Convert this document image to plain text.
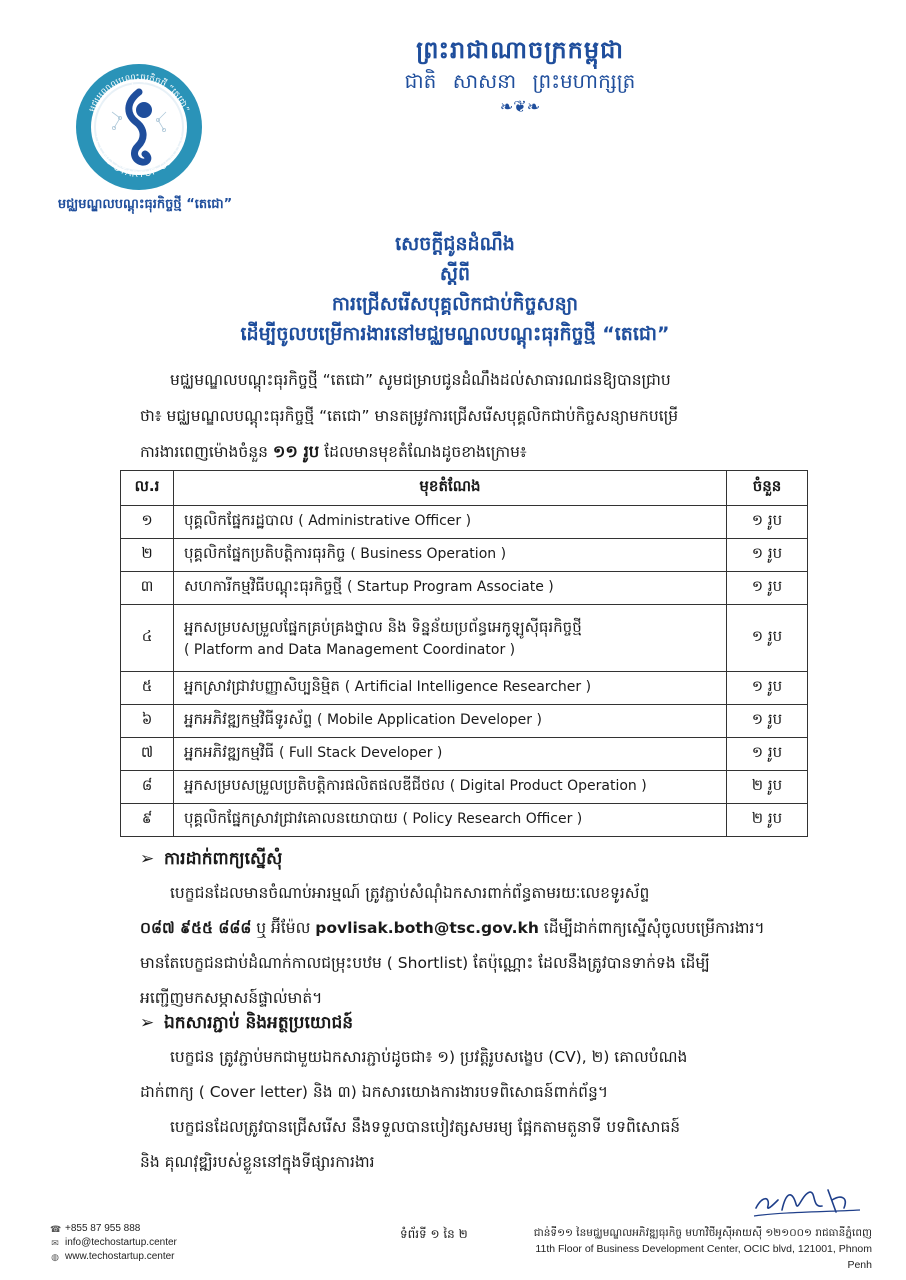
ព្រះរាជាណាចក្រកម្ពុជា
ជាតិ សាសនា ព្រះមហាក្សត្រ
❧❦❧
មជ្ឈមណ្ឌលបណ្តុះធុរកិច្ចថ្មី “តេជោ”
TECHO STARTUP CENTER
មជ្ឈមណ្ឌលបណ្តុះធុរកិច្ចថ្មី “តេជោ”
សេចក្តីជូនដំណឹង
ស្តីពី
ការជ្រើសរើសបុគ្គលិកជាប់កិច្ចសន្យា
ដើម្បីចូលបម្រើការងារនៅមជ្ឈមណ្ឌលបណ្តុះធុរកិច្ចថ្មី “តេជោ”
មជ្ឈមណ្ឌលបណ្តុះធុរកិច្ចថ្មី “តេជោ” សូមជម្រាបជូនដំណឹងដល់សាធារណជនឱ្យបានជ្រាប
ថា៖ មជ្ឈមណ្ឌលបណ្តុះធុរកិច្ចថ្មី “តេជោ” មានតម្រូវការជ្រើសរើសបុគ្គលិកជាប់កិច្ចសន្យាមកបម្រើ
ការងារពេញម៉ោងចំនួន ១១ រូប ដែលមានមុខតំណែងដូចខាងក្រោម៖
ល.រ	មុខតំណែង	ចំនួន
១	បុគ្គលិកផ្នែករដ្ឋបាល ( Administrative Officer )	១ រូប
២	បុគ្គលិកផ្នែកប្រតិបត្តិការធុរកិច្ច ( Business Operation )	១ រូប
៣	សហការីកម្មវិធីបណ្តុះធុរកិច្ចថ្មី ( Startup Program Associate )	១ រូប
៤	អ្នកសម្របសម្រួលផ្នែកគ្រប់គ្រងថ្នាល និង ទិន្នន័យប្រព័ន្ធអេកូឡូស៊ីធុរកិច្ចថ្មី
( Platform and Data Management Coordinator )	១ រូប
៥	អ្នកស្រាវជ្រាវបញ្ញាសិប្បនិម្មិត ( Artificial Intelligence Researcher )	១ រូប
៦	អ្នកអភិវឌ្ឍកម្មវិធីទូរស័ព្ទ ( Mobile Application Developer )	១ រូប
៧	អ្នកអភិវឌ្ឍកម្មវិធី ( Full Stack Developer )	១ រូប
៨	អ្នកសម្របសម្រួលប្រតិបត្តិការផលិតផលឌីជីថល ( Digital Product Operation )	២ រូប
៩	បុគ្គលិកផ្នែកស្រាវជ្រាវគោលនយោបាយ ( Policy Research Officer )	២ រូប
➢ ការដាក់ពាក្យស្នើសុំ
បេក្ខជនដែលមានចំណាប់អារម្មណ៍ ត្រូវភ្ជាប់សំណុំឯកសារពាក់ព័ន្ធតាមរយៈលេខទូរស័ព្ទ
០៨៧ ៩៥៥ ៨៨៨ ឬ អ៊ីម៉ែល povlisak.both@tsc.gov.kh ដើម្បីដាក់ពាក្យស្នើសុំចូលបម្រើការងារ។
មានតែបេក្ខជនជាប់ដំណាក់កាលជម្រុះបឋម ( Shortlist) តែប៉ុណ្ណោះ ដែលនឹងត្រូវបានទាក់ទង ដើម្បី
អញ្ជើញមកសម្ភាសន៍ផ្ទាល់មាត់។
➢ ឯកសារភ្ជាប់ និងអត្ថប្រយោជន៍
បេក្ខជន ត្រូវភ្ជាប់មកជាមួយឯកសារភ្ជាប់ដូចជា៖ ១) ប្រវត្តិរូបសង្ខេប (CV), ២) គោលបំណង
ដាក់ពាក្យ ( Cover letter) និង ៣) ឯកសារយោងការងារបទពិសោធន៍ពាក់ព័ន្ធ។
បេក្ខជនដែលត្រូវបានជ្រើសរើស នឹងទទួលបានបៀវត្សសមរម្យ ផ្អែកតាមតួនាទី បទពិសោធន៍
និង គុណវុឌ្ឍិរបស់ខ្លួននៅក្នុងទីផ្សារការងារ
☎ +855 87 955 888
✉ info@techostartup.center
◍ www.techostartup.center
ទំព័រទី ១ នៃ ២	ជាន់ទី១១ នៃមជ្ឈមណ្ឌលអភិវឌ្ឍធុរកិច្ច មហាវិថីអូស៊ីអាយស៊ី ១២១០០១ រាជធានីភ្នំពេញ
11th Floor of Business Development Center, OCIC blvd, 121001, Phnom Penh
